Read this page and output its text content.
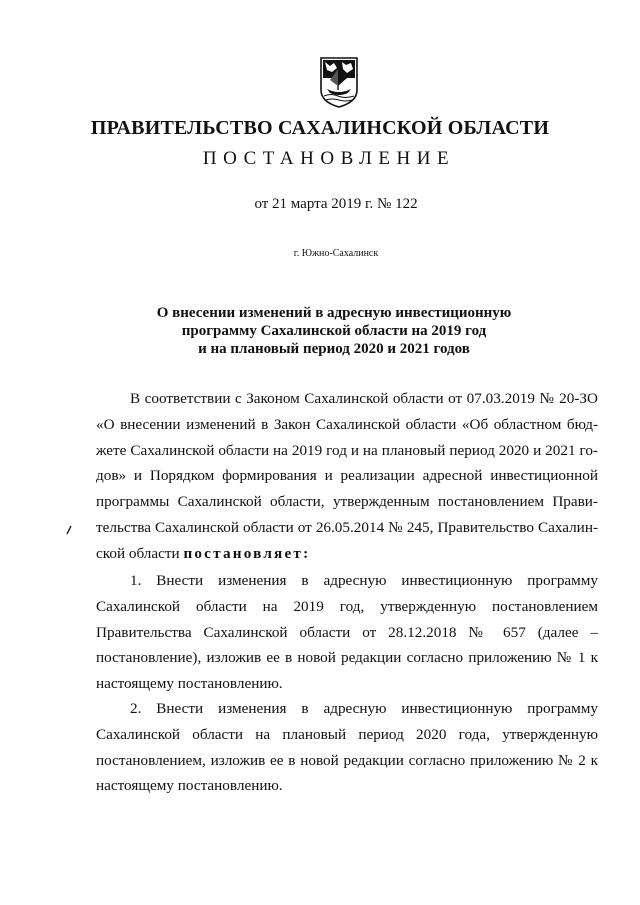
ПРАВИТЕЛЬСТВО САХАЛИНСКОЙ ОБЛАСТИ
ПОСТАНОВЛЕНИЕ
от 21 марта 2019 г. № 122
г. Южно-Сахалинск
О внесении изменений в адресную инвестиционную
программу Сахалинской области на 2019 год
и на плановый период 2020 и 2021 годов
В соответствии с Законом Сахалинской области от 07.03.2019 № 20-ЗО
«О внесении изменений в Закон Сахалинской области «Об областном бюд-
жете Сахалинской области на 2019 год и на плановый период 2020 и 2021 го-
дов» и Порядком формирования и реализации адресной инвестиционной
программы Сахалинской области, утвержденным постановлением Прави-
тельства Сахалинской области от 26.05.2014 № 245, Правительство Сахалин-
ской области постановляет:
1. Внести изменения в адресную инвестиционную программу
Сахалинской области на 2019 год, утвержденную постановлением
Правительства Сахалинской области от 28.12.2018 № 657 (далее –
постановление), изложив ее в новой редакции согласно приложению № 1 к
настоящему постановлению.
2. Внести изменения в адресную инвестиционную программу
Сахалинской области на плановый период 2020 года, утвержденную
постановлением, изложив ее в новой редакции согласно приложению № 2 к
настоящему постановлению.
